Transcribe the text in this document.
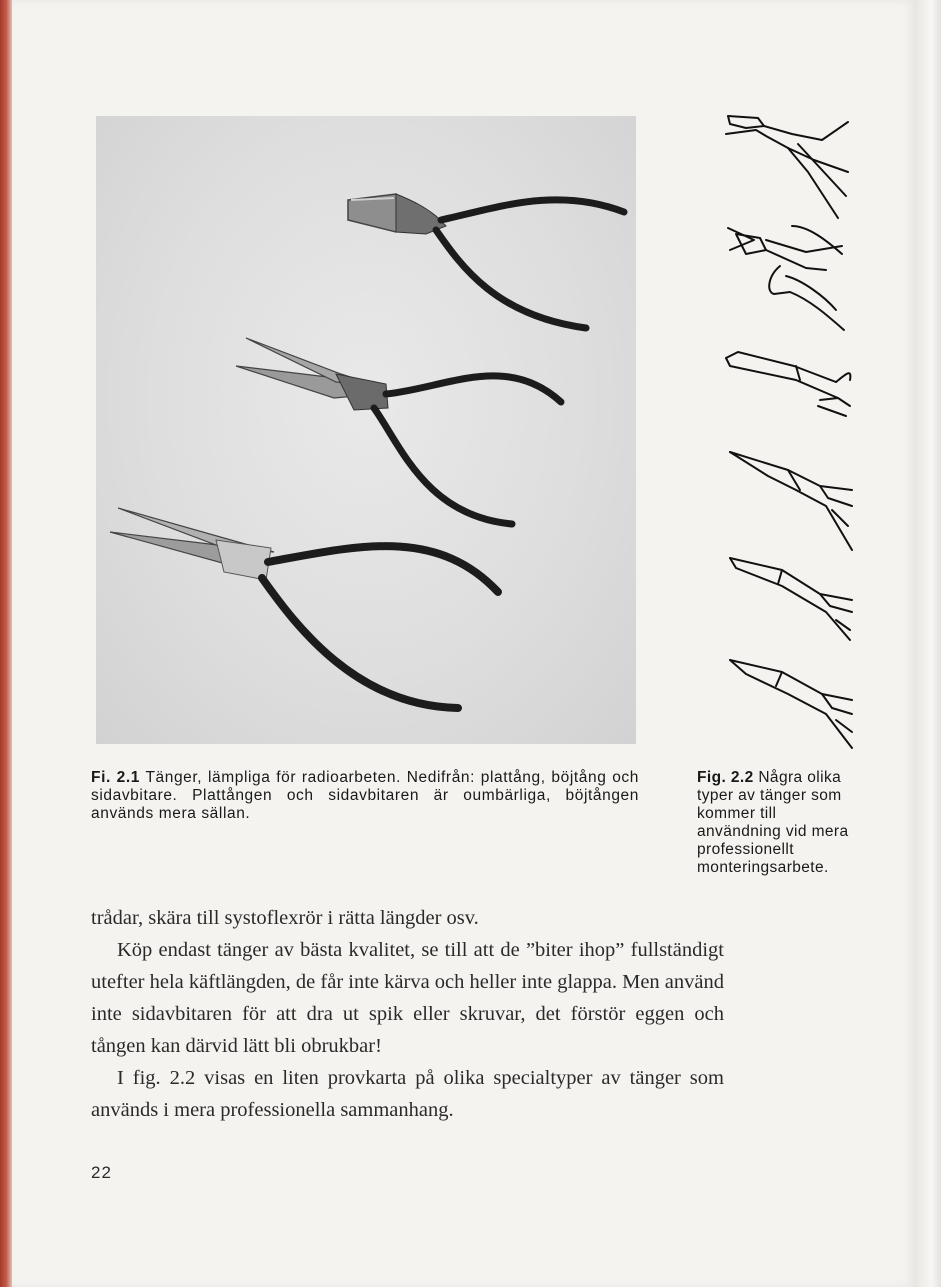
Fi. 2.1 Tänger, lämpliga för radioarbeten. Nedifrån: plattång, böjtång och sidavbitare. Plattången och sidavbitaren är oumbärliga, böjtången används mera sällan.
Fig. 2.2 Några olika typer av tänger som kommer till användning vid mera professionellt monteringsarbete.

trådar, skära till systoflexrör i rätta längder osv.

Köp endast tänger av bästa kvalitet, se till att de ”biter ihop” fullständigt utefter hela käftlängden, de får inte kärva och heller inte glappa. Men använd inte sidavbitaren för att dra ut spik eller skruvar, det förstör eggen och tången kan därvid lätt bli obrukbar!

I fig. 2.2 visas en liten provkarta på olika specialtyper av tänger som används i mera professionella sammanhang.

22
